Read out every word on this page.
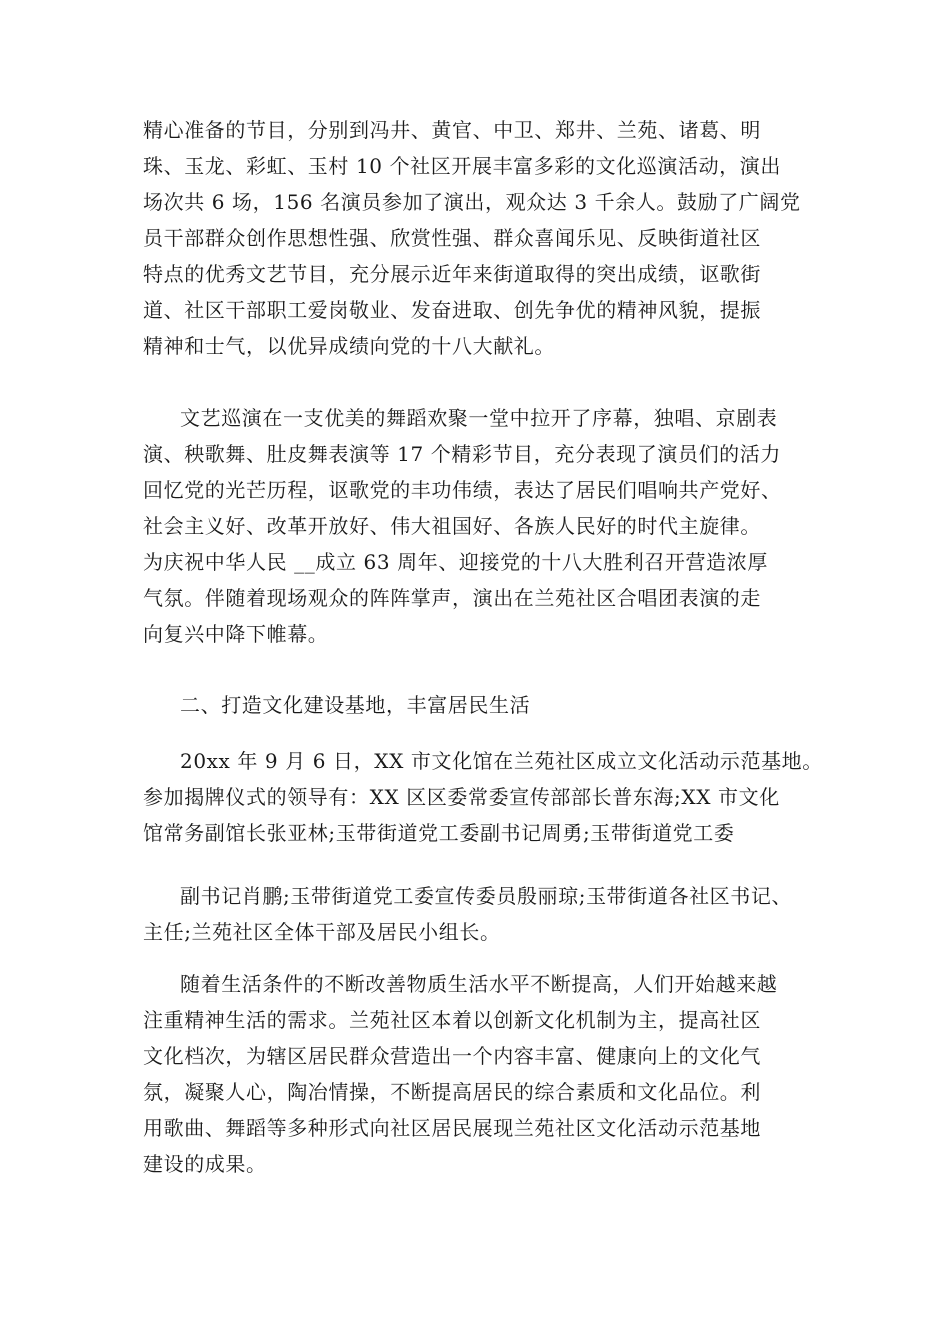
精心准备的节目，分别到冯井、黄官、中卫、郑井、兰苑、诸葛、明
珠、玉龙、彩虹、玉村 10 个社区开展丰富多彩的文化巡演活动，演出
场次共 6 场，156 名演员参加了演出，观众达 3 千余人。鼓励了广阔党
员干部群众创作思想性强、欣赏性强、群众喜闻乐见、反映街道社区
特点的优秀文艺节目，充分展示近年来街道取得的突出成绩，讴歌街
道、社区干部职工爱岗敬业、发奋进取、创先争优的精神风貌，提振
精神和士气，以优异成绩向党的十八大献礼。
文艺巡演在一支优美的舞蹈欢聚一堂中拉开了序幕，独唱、京剧表
演、秧歌舞、肚皮舞表演等 17 个精彩节目，充分表现了演员们的活力
回忆党的光芒历程，讴歌党的丰功伟绩，表达了居民们唱响共产党好、
社会主义好、改革开放好、伟大祖国好、各族人民好的时代主旋律。
为庆祝中华人民 __成立 63 周年、迎接党的十八大胜利召开营造浓厚
气氛。伴随着现场观众的阵阵掌声，演出在兰苑社区合唱团表演的走
向复兴中降下帷幕。
二、打造文化建设基地，丰富居民生活
20xx 年 9 月 6 日，XX 市文化馆在兰苑社区成立文化活动示范基地。
参加揭牌仪式的领导有：XX 区区委常委宣传部部长普东海;XX 市文化
馆常务副馆长张亚林;玉带街道党工委副书记周勇;玉带街道党工委
副书记肖鹏;玉带街道党工委宣传委员殷丽琼;玉带街道各社区书记、
主任;兰苑社区全体干部及居民小组长。
随着生活条件的不断改善物质生活水平不断提高，人们开始越来越
注重精神生活的需求。兰苑社区本着以创新文化机制为主，提高社区
文化档次，为辖区居民群众营造出一个内容丰富、健康向上的文化气
氛，凝聚人心，陶冶情操，不断提高居民的综合素质和文化品位。利
用歌曲、舞蹈等多种形式向社区居民展现兰苑社区文化活动示范基地
建设的成果。
